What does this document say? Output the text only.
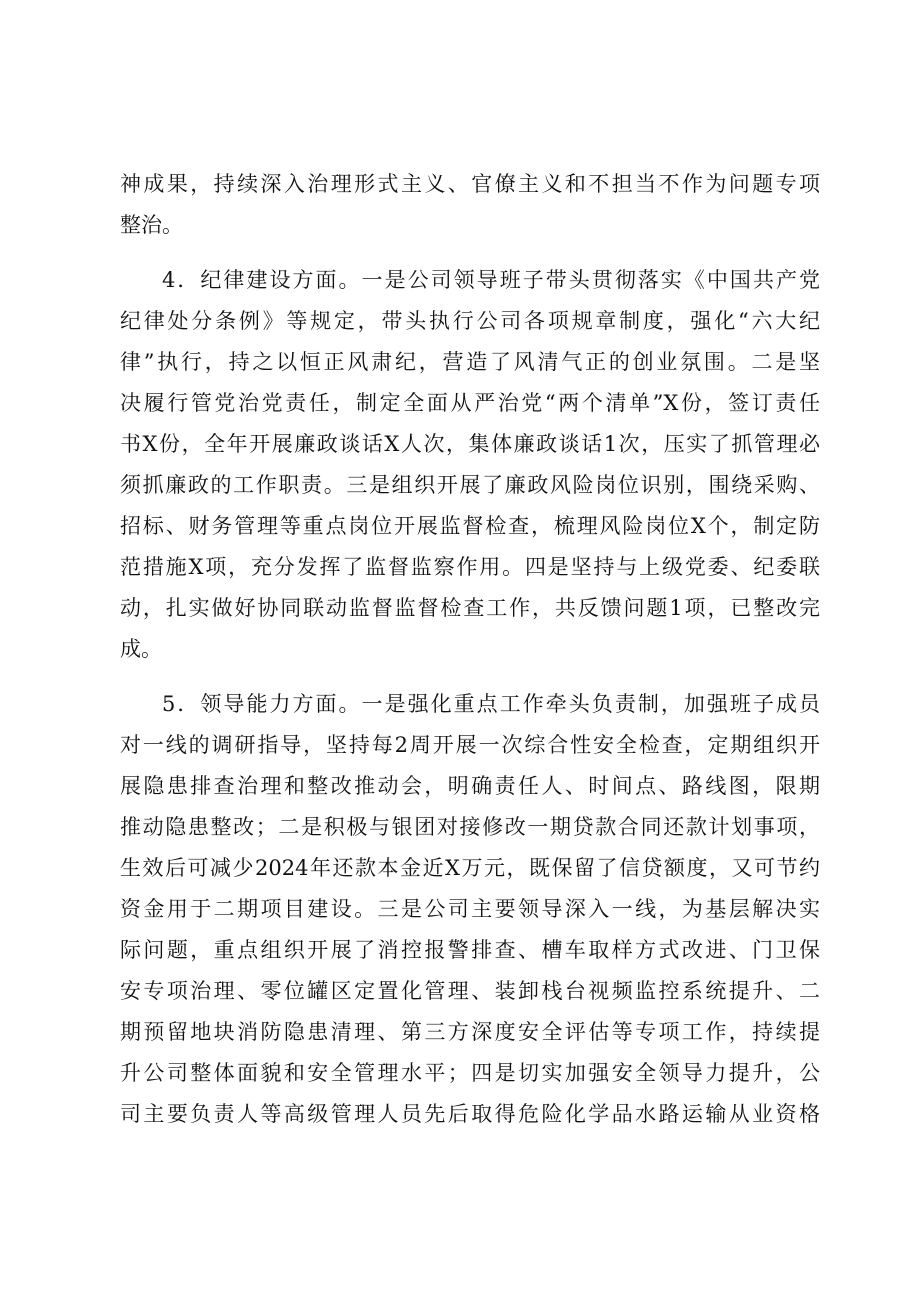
神成果，持续深入治理形式主义、官僚主义和不担当不作为问题专项
整治。
4．纪律建设方面。一是公司领导班子带头贯彻落实《中国共产党
纪律处分条例》等规定，带头执行公司各项规章制度，强化“六大纪
律”执行，持之以恒正风肃纪，营造了风清气正的创业氛围。二是坚
决履行管党治党责任，制定全面从严治党“两个清单”X份，签订责任
书X份，全年开展廉政谈话X人次，集体廉政谈话1次，压实了抓管理必
须抓廉政的工作职责。三是组织开展了廉政风险岗位识别，围绕采购、
招标、财务管理等重点岗位开展监督检查，梳理风险岗位X个，制定防
范措施X项，充分发挥了监督监察作用。四是坚持与上级党委、纪委联
动，扎实做好协同联动监督监督检查工作，共反馈问题1项，已整改完
成。
5．领导能力方面。一是强化重点工作牵头负责制，加强班子成员
对一线的调研指导，坚持每2周开展一次综合性安全检查，定期组织开
展隐患排查治理和整改推动会，明确责任人、时间点、路线图，限期
推动隐患整改；二是积极与银团对接修改一期贷款合同还款计划事项，
生效后可减少2024年还款本金近X万元，既保留了信贷额度，又可节约
资金用于二期项目建设。三是公司主要领导深入一线，为基层解决实
际问题，重点组织开展了消控报警排查、槽车取样方式改进、门卫保
安专项治理、零位罐区定置化管理、装卸栈台视频监控系统提升、二
期预留地块消防隐患清理、第三方深度安全评估等专项工作，持续提
升公司整体面貌和安全管理水平；四是切实加强安全领导力提升，公
司主要负责人等高级管理人员先后取得危险化学品水路运输从业资格
